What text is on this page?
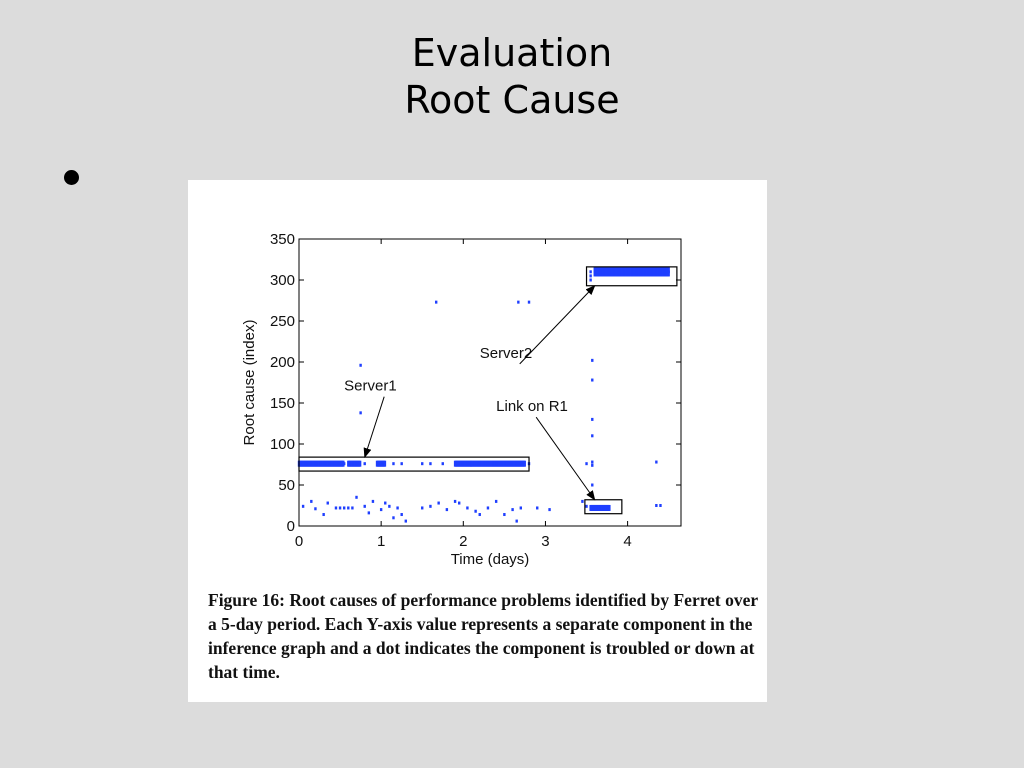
Evaluation
Root Cause
0	1	2	3	4
0
50
100
150
200
250
300
350
Time (days)
Root cause (index)	Server1
Server2
Link on R1
Figure 16: Root causes of performance problems identified by Ferret over a 5-day period. Each Y-axis value represents a separate component in the inference graph and a dot indicates the component is troubled or down at that time.
